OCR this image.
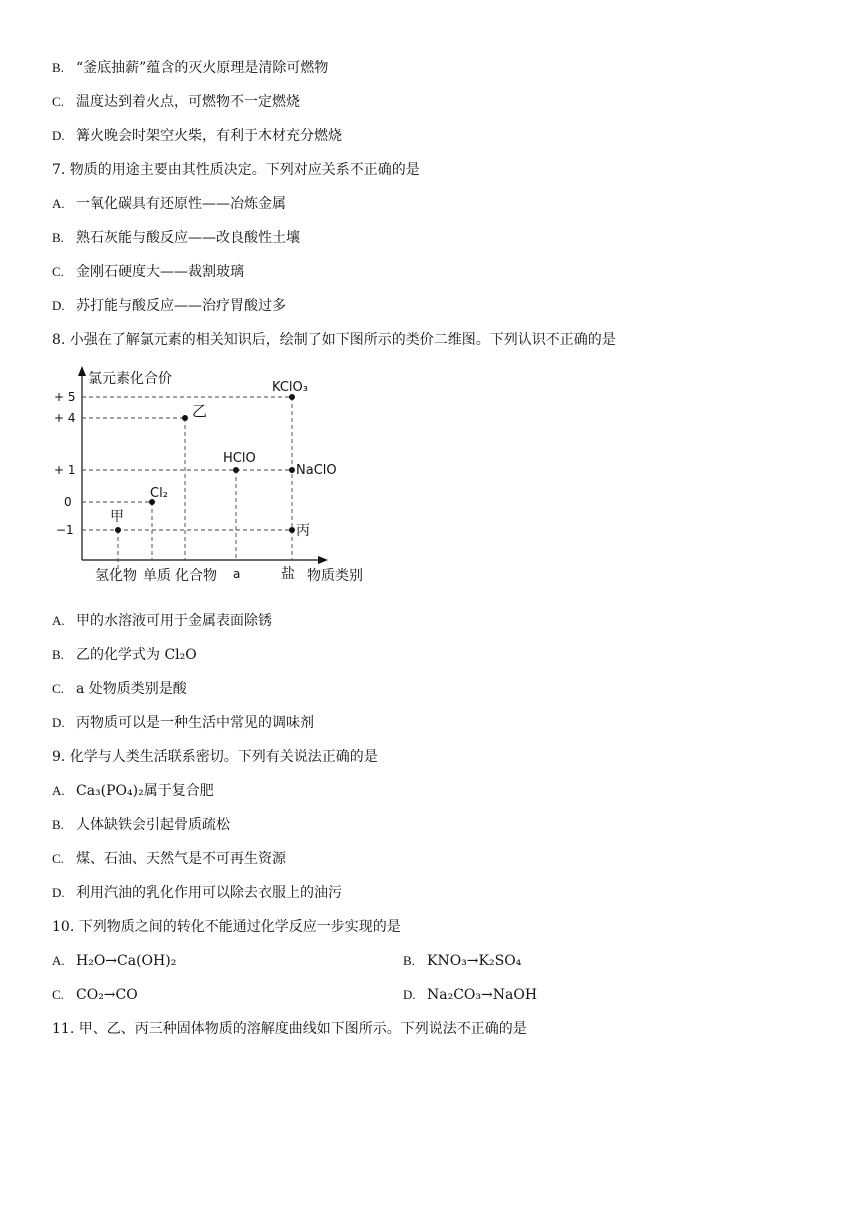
B. “釜底抽薪”蕴含的灭火原理是清除可燃物
C. 温度达到着火点，可燃物不一定燃烧
D. 篝火晚会时架空火柴，有利于木材充分燃烧
7. 物质的用途主要由其性质决定。下列对应关系不正确的是
A. 一氧化碳具有还原性——冶炼金属
B. 熟石灰能与酸反应——改良酸性土壤
C. 金刚石硬度大——裁割玻璃
D. 苏打能与酸反应——治疗胃酸过多
8. 小强在了解氯元素的相关知识后，绘制了如下图所示的类价二维图。下列认识不正确的是
氯元素化合价
+ 5
+ 4
+ 1
0
−1
甲
Cl₂
乙
HClO
KClO₃
NaClO
丙
氢化物 单质 化合物 a	盐 物质类别
A. 甲的水溶液可用于金属表面除锈
B. 乙的化学式为 Cl₂O
C. a 处物质类别是酸
D. 丙物质可以是一种生活中常见的调味剂
9. 化学与人类生活联系密切。下列有关说法正确的是
A. Ca₃(PO₄)₂属于复合肥
B. 人体缺铁会引起骨质疏松
C. 煤、石油、天然气是不可再生资源
D. 利用汽油的乳化作用可以除去衣服上的油污
10. 下列物质之间的转化不能通过化学反应一步实现的是
A. H₂O→Ca(OH)₂	B. KNO₃→K₂SO₄
C. CO₂→CO	D. Na₂CO₃→NaOH
11. 甲、乙、丙三种固体物质的溶解度曲线如下图所示。下列说法不正确的是
